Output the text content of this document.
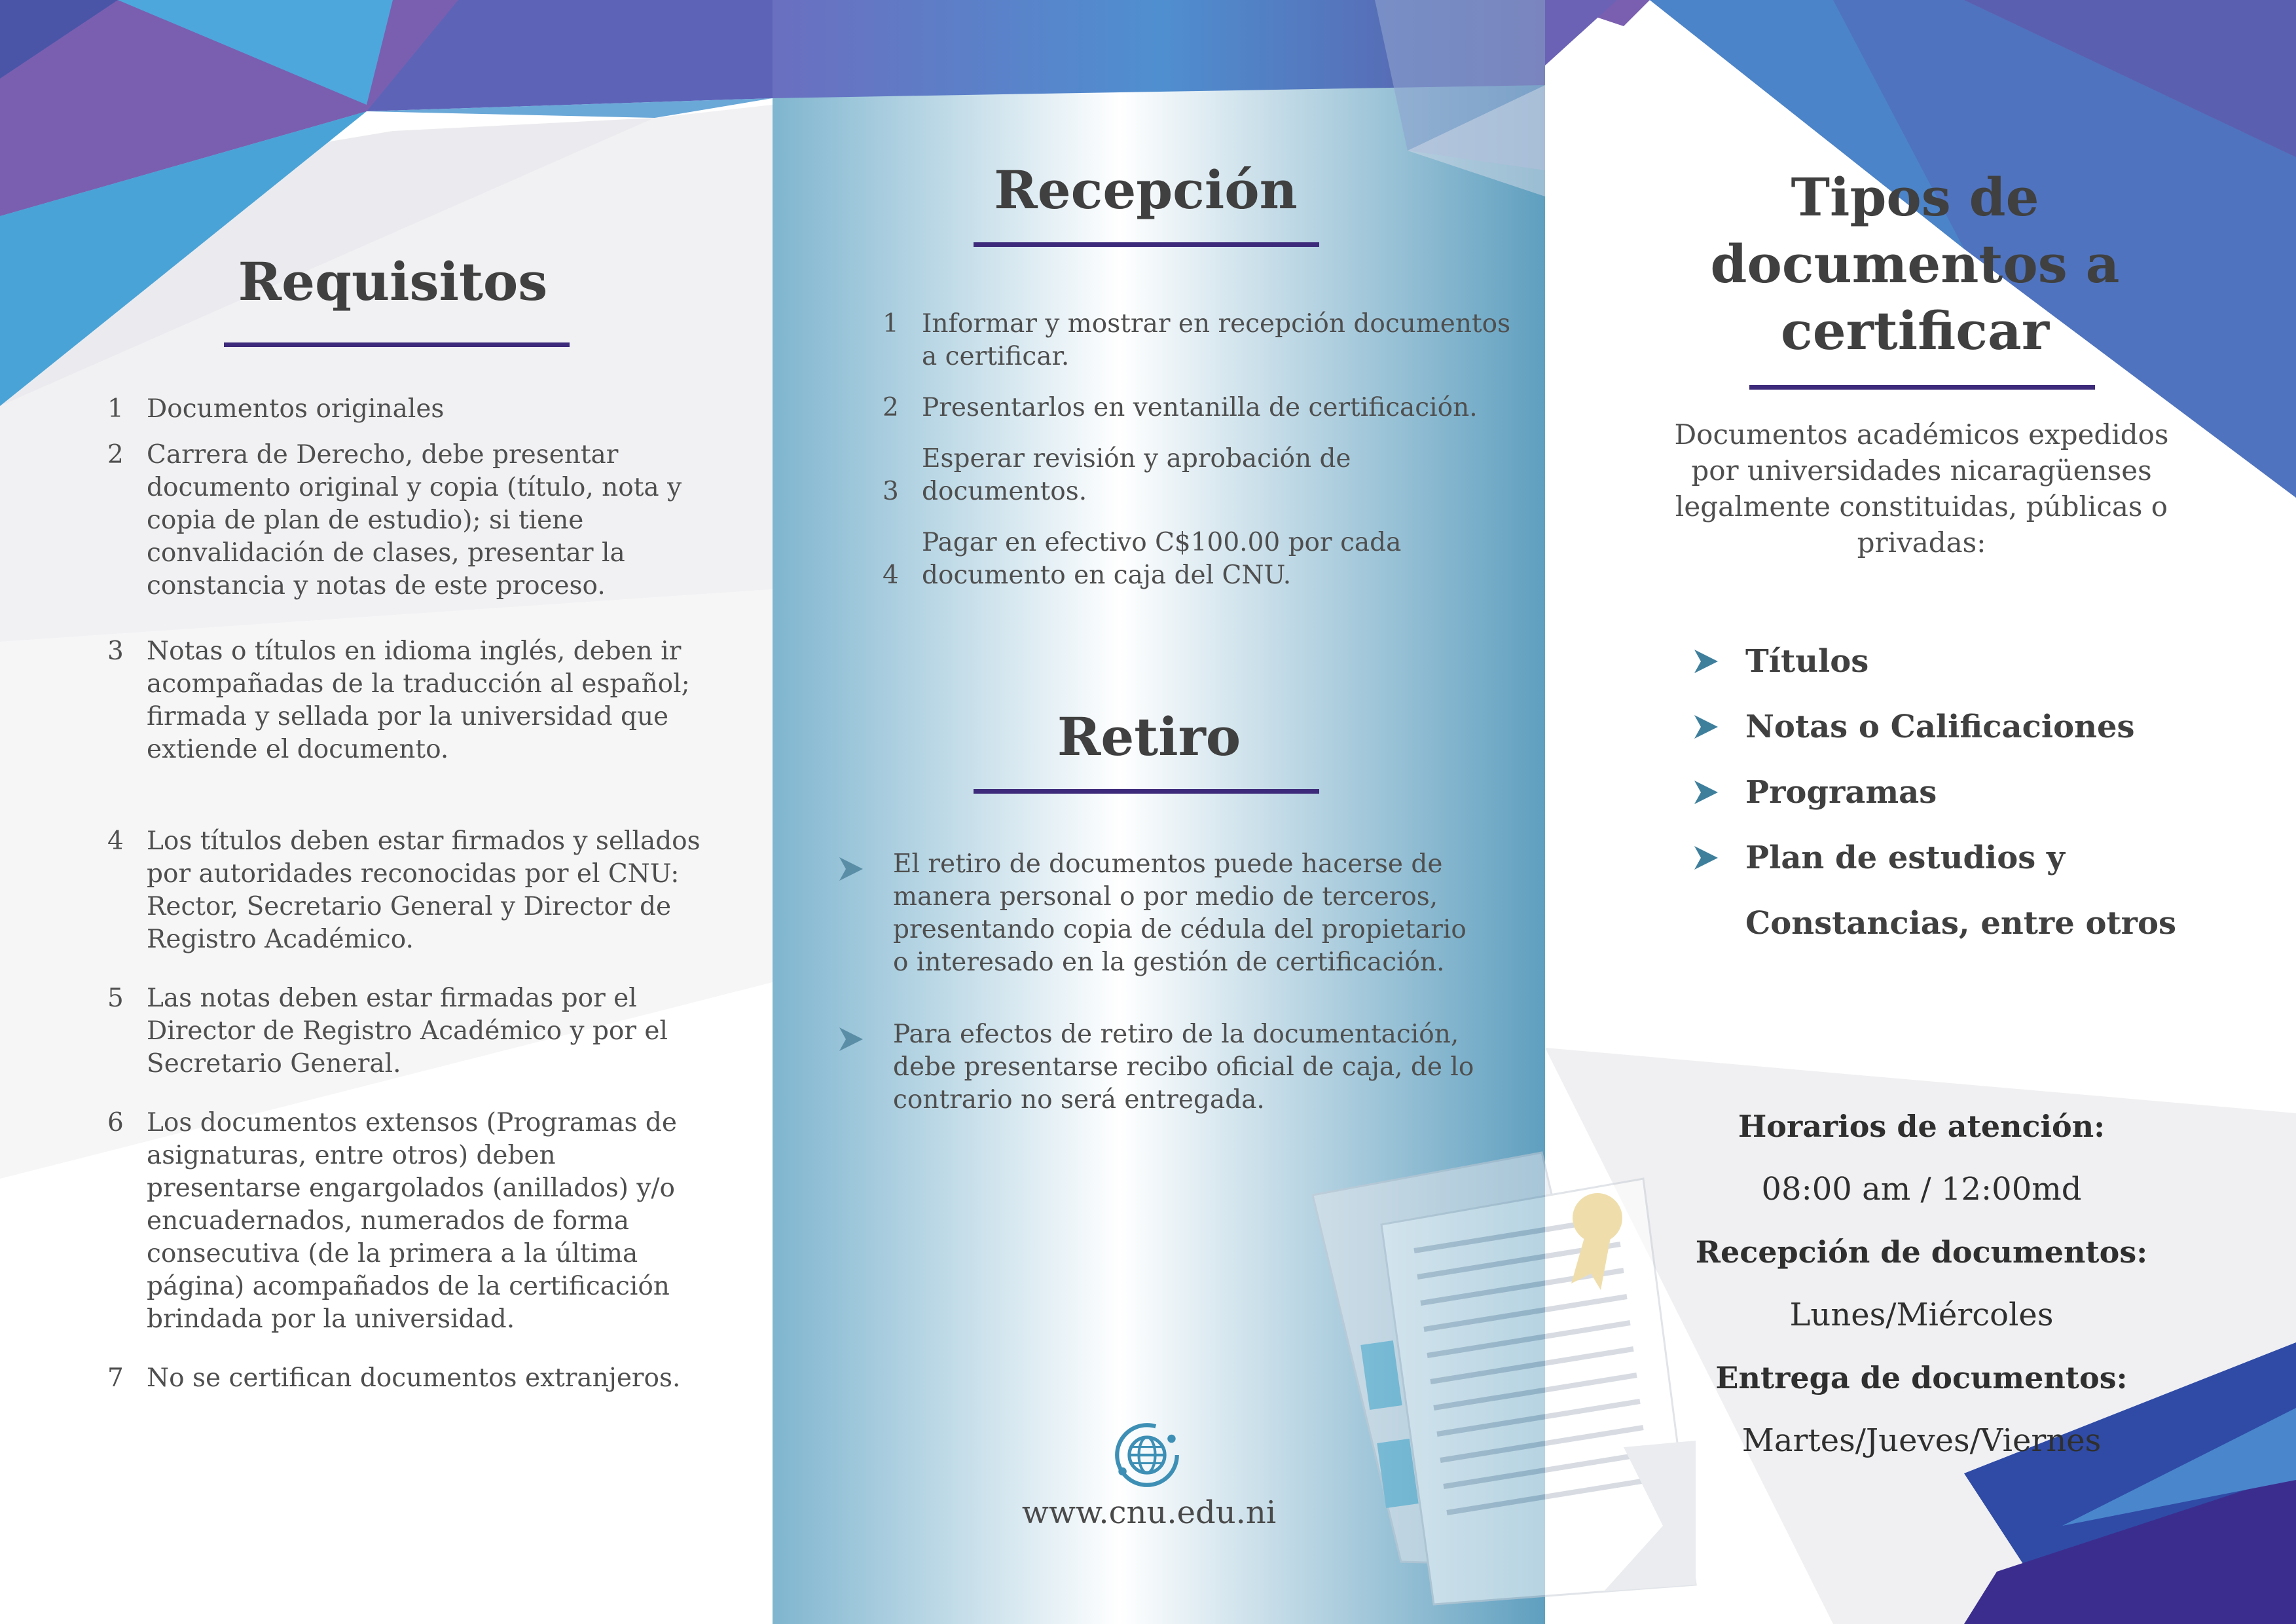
Requisitos
1 Documentos originales
2 Carrera de Derecho, debe presentar documento original y copia (título, nota y copia de plan de estudio); si tiene convalidación de clases, presentar la constancia y notas de este proceso.
3 Notas o títulos en idioma inglés, deben ir acompañadas de la traducción al español; firmada y sellada por la universidad que extiende el documento.
4 Los títulos deben estar firmados y sellados por autoridades reconocidas por el CNU: Rector, Secretario General y Director de Registro Académico.
5 Las notas deben estar firmadas por el Director de Registro Académico y por el Secretario General.
6 Los documentos extensos (Programas de asignaturas, entre otros) deben presentarse engargolados (anillados) y/o encuadernados, numerados de forma consecutiva (de la primera a la última página) acompañados de la certificación brindada por la universidad.
7 No se certifican documentos extranjeros.
Recepción
1 Informar y mostrar en recepción documentos a certificar.
2 Presentarlos en ventanilla de certificación.
3
Esperar revisión y aprobación de documentos.
4
Pagar en efectivo C$100.00 por cada documento en caja del CNU.
Retiro
El retiro de documentos puede hacerse de manera personal o por medio de terceros, presentando copia de cédula del propietario o interesado en la gestión de certificación.
Para efectos de retiro de la documentación, debe presentarse recibo oficial de caja, de lo contrario no será entregada.

www.cnu.edu.ni

Tipos de
documentos a
certificar

Documentos académicos expedidos por universidades nicaragüenses legalmente constituidas, públicas o privadas:

Títulos
Notas o Calificaciones
Programas
Plan de estudios y
Constancias, entre otros
Horarios de atención:
08:00 am / 12:00md
Recepción de documentos:
Lunes/Miércoles
Entrega de documentos:
Martes/Jueves/Viernes
